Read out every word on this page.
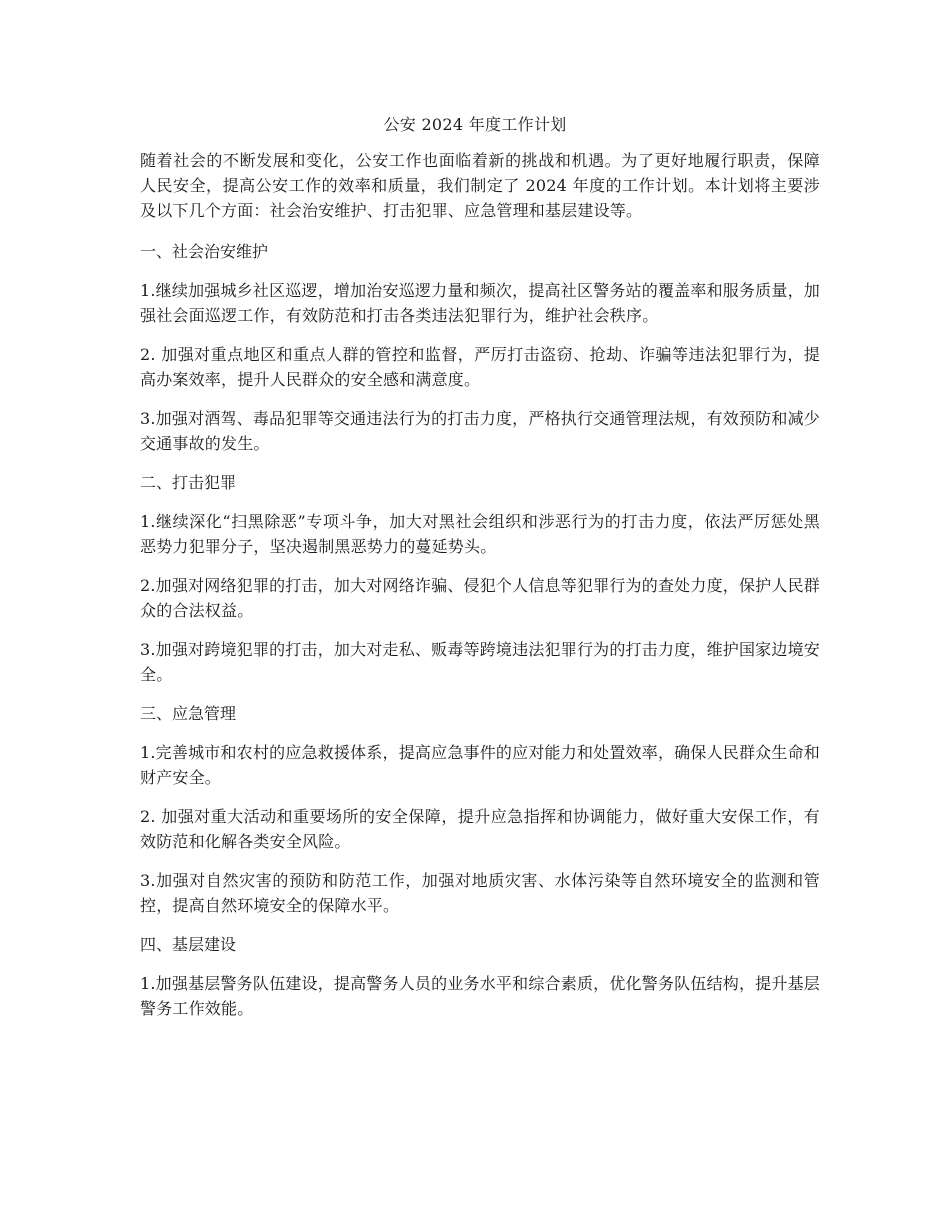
公安 2024 年度工作计划

随着社会的不断发展和变化，公安工作也面临着新的挑战和机遇。为了更好地履行职责，保障人民安全，提高公安工作的效率和质量，我们制定了 2024 年度的工作计划。本计划将主要涉及以下几个方面：社会治安维护、打击犯罪、应急管理和基层建设等。

一、社会治安维护

1.继续加强城乡社区巡逻，增加治安巡逻力量和频次，提高社区警务站的覆盖率和服务质量，加强社会面巡逻工作，有效防范和打击各类违法犯罪行为，维护社会秩序。

2. 加强对重点地区和重点人群的管控和监督，严厉打击盗窃、抢劫、诈骗等违法犯罪行为，提高办案效率，提升人民群众的安全感和满意度。

3.加强对酒驾、毒品犯罪等交通违法行为的打击力度，严格执行交通管理法规，有效预防和减少交通事故的发生。

二、打击犯罪

1.继续深化“扫黑除恶”专项斗争，加大对黑社会组织和涉恶行为的打击力度，依法严厉惩处黑恶势力犯罪分子，坚决遏制黑恶势力的蔓延势头。

2.加强对网络犯罪的打击，加大对网络诈骗、侵犯个人信息等犯罪行为的查处力度，保护人民群众的合法权益。

3.加强对跨境犯罪的打击，加大对走私、贩毒等跨境违法犯罪行为的打击力度，维护国家边境安全。

三、应急管理

1.完善城市和农村的应急救援体系，提高应急事件的应对能力和处置效率，确保人民群众生命和财产安全。

2. 加强对重大活动和重要场所的安全保障，提升应急指挥和协调能力，做好重大安保工作，有效防范和化解各类安全风险。

3.加强对自然灾害的预防和防范工作，加强对地质灾害、水体污染等自然环境安全的监测和管控，提高自然环境安全的保障水平。

四、基层建设

1.加强基层警务队伍建设，提高警务人员的业务水平和综合素质，优化警务队伍结构，提升基层警务工作效能。
